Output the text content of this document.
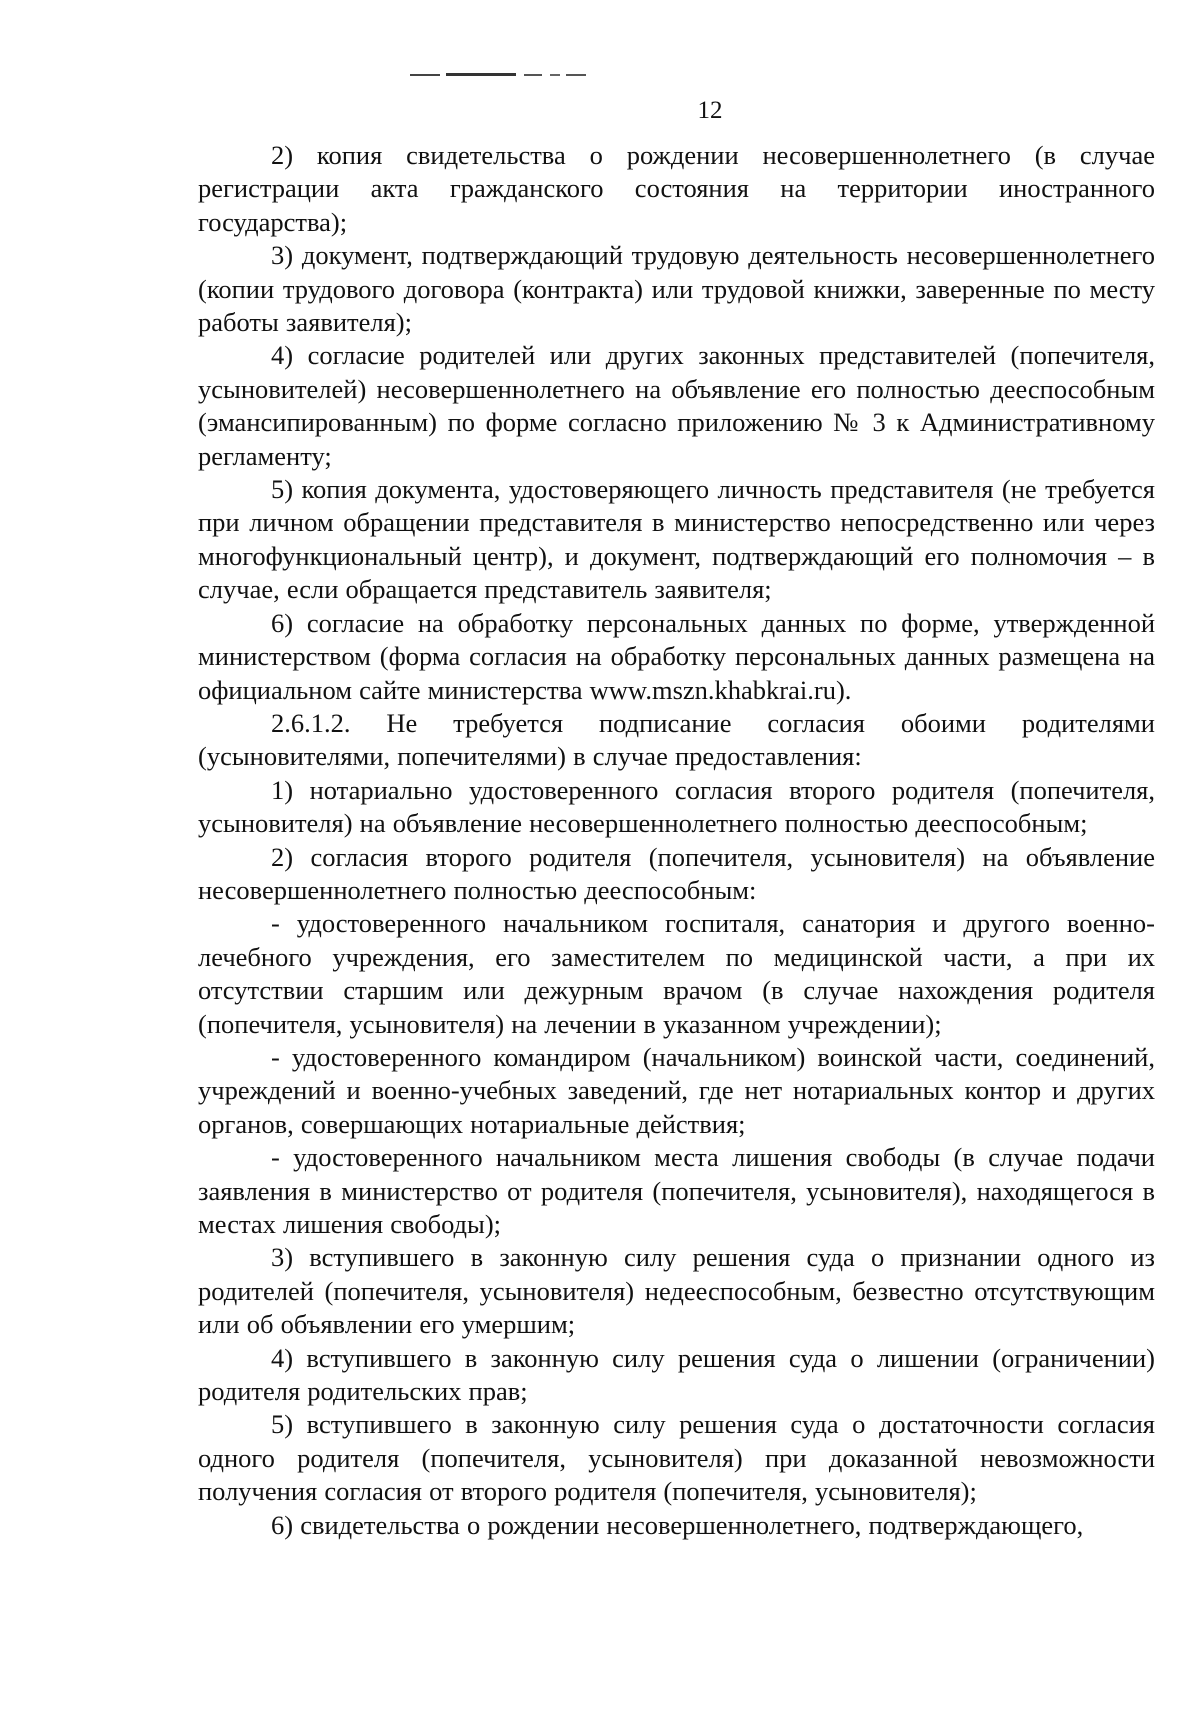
12

2) копия свидетельства о рождении несовершеннолетнего (в случае регистрации акта гражданского состояния на территории иностранного государства);

3) документ, подтверждающий трудовую деятельность несовершеннолетнего (копии трудового договора (контракта) или трудовой книжки, заверенные по месту работы заявителя);

4) согласие родителей или других законных представителей (попечителя, усыновителей) несовершеннолетнего на объявление его полностью дееспособным (эмансипированным) по форме согласно приложению № 3 к Административному регламенту;

5) копия документа, удостоверяющего личность представителя (не требуется при личном обращении представителя в министерство непосредственно или через многофункциональный центр), и документ, подтверждающий его полномочия – в случае, если обращается представитель заявителя;

6) согласие на обработку персональных данных по форме, утвержденной министерством (форма согласия на обработку персональных данных размещена на официальном сайте министерства www.mszn.khabkrai.ru).

2.6.1.2. Не требуется подписание согласия обоими родителями (усыновителями, попечителями) в случае предоставления:

1) нотариально удостоверенного согласия второго родителя (попечителя, усыновителя) на объявление несовершеннолетнего полностью дееспособным;

2) согласия второго родителя (попечителя, усыновителя) на объявление несовершеннолетнего полностью дееспособным:

- удостоверенного начальником госпиталя, санатория и другого военно-лечебного учреждения, его заместителем по медицинской части, а при их отсутствии старшим или дежурным врачом (в случае нахождения родителя (попечителя, усыновителя) на лечении в указанном учреждении);

- удостоверенного командиром (начальником) воинской части, соединений, учреждений и военно-учебных заведений, где нет нотариальных контор и других органов, совершающих нотариальные действия;

- удостоверенного начальником места лишения свободы (в случае подачи заявления в министерство от родителя (попечителя, усыновителя), находящегося в местах лишения свободы);

3) вступившего в законную силу решения суда о признании одного из родителей (попечителя, усыновителя) недееспособным, безвестно отсутствующим или об объявлении его умершим;

4) вступившего в законную силу решения суда о лишении (ограничении) родителя родительских прав;

5) вступившего в законную силу решения суда о достаточности согласия одного родителя (попечителя, усыновителя) при доказанной невозможности получения согласия от второго родителя (попечителя, усыновителя);

6) свидетельства о рождении несовершеннолетнего, подтверждающего,
